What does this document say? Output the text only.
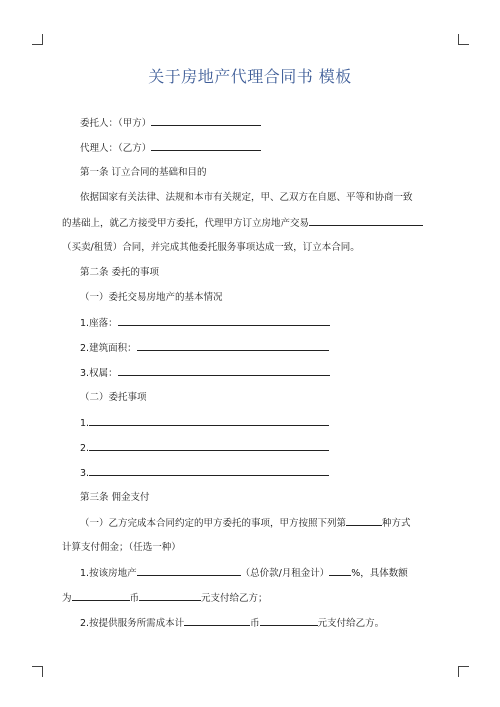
关于房地产代理合同书 模板

委托人：（甲方）

代理人：（乙方）

第一条 订立合同的基础和目的

依据国家有关法律、法规和本市有关规定，甲、乙双方在自愿、平等和协商一致

的基础上，就乙方接受甲方委托，代理甲方订立房地产交易

（买卖/租赁）合同，并完成其他委托服务事项达成一致，订立本合同。

第二条 委托的事项

（一）委托交易房地产的基本情况

1.座落：

2.建筑面积：

3.权属：

（二）委托事项

1.

2.

3.

第三条 佣金支付

（一）乙方完成本合同约定的甲方委托的事项，甲方按照下列第	种方式

计算支付佣金；（任选一种）

1.按该房地产	（总价款/月租金计） %，具体数额

为	币	元支付给乙方；

2.按提供服务所需成本计	币	元支付给乙方。
